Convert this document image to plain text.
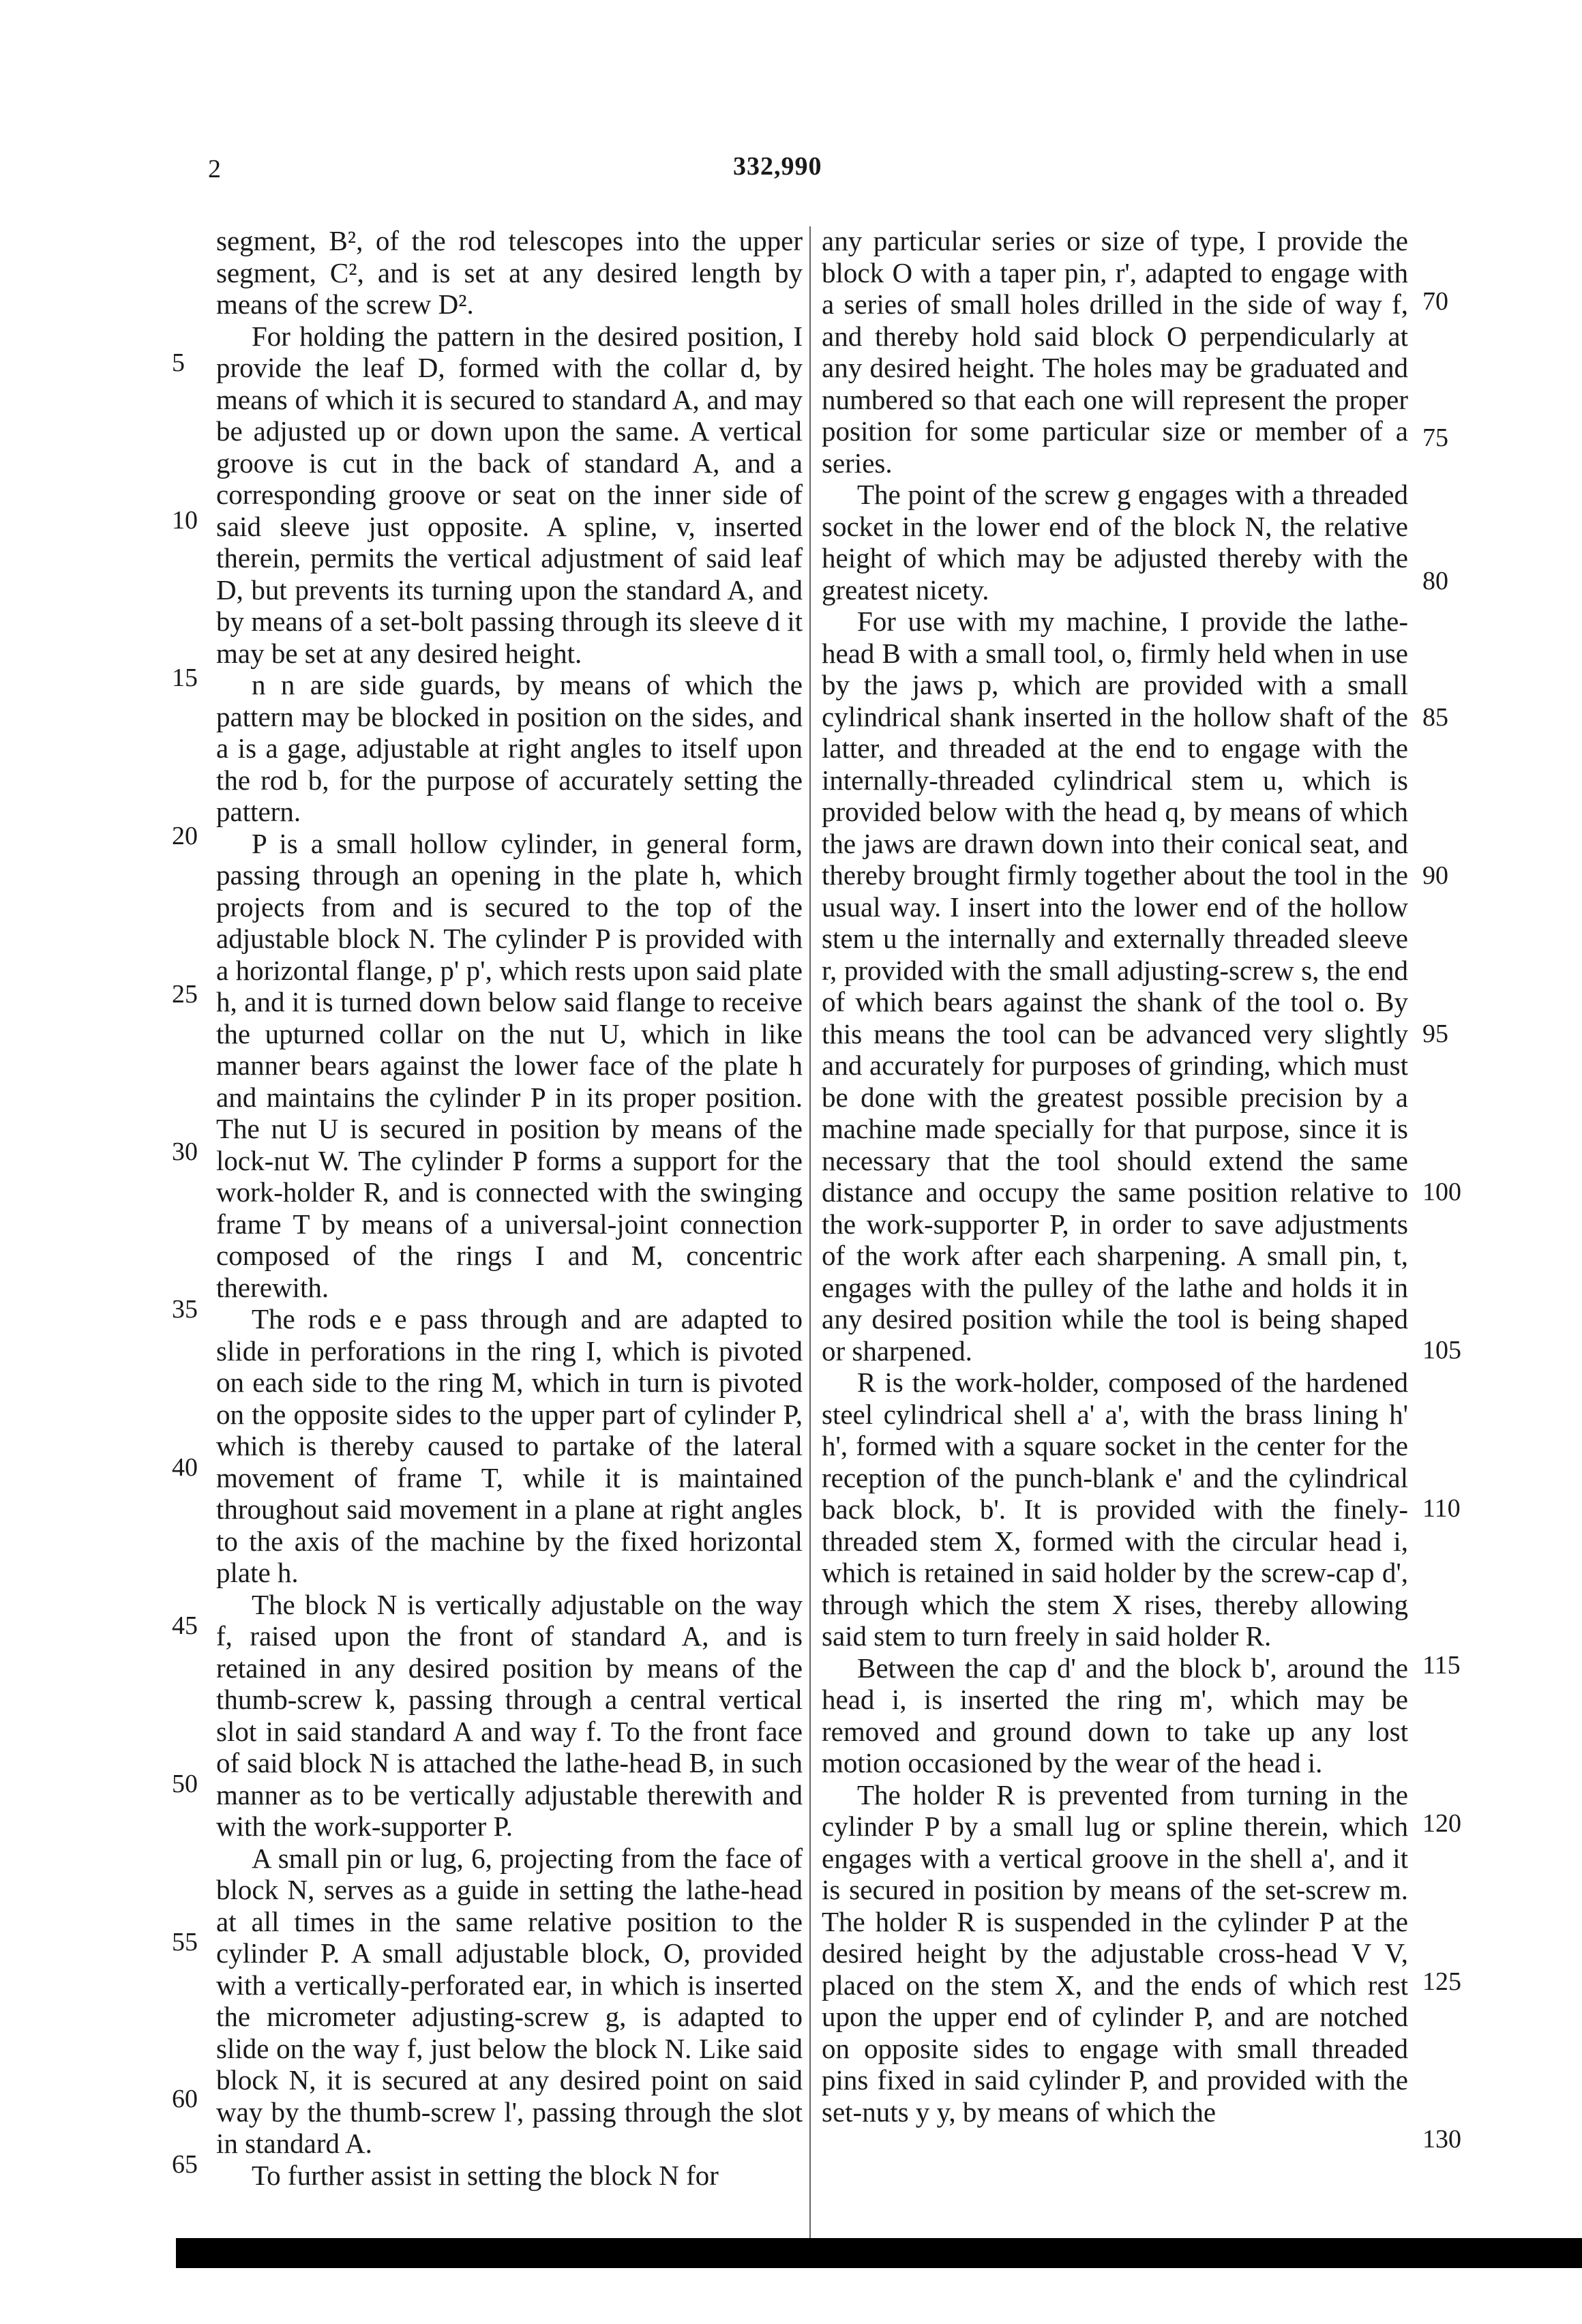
2	332,990

segment, B², of the rod telescopes into the upper segment, C², and is set at any desired length by means of the screw D².

For holding the pattern in the desired position, I provide the leaf D, formed with the collar d, by means of which it is secured to standard A, and may be adjusted up or down upon the same. A vertical groove is cut in the back of standard A, and a corresponding groove or seat on the inner side of said sleeve just opposite. A spline, v, inserted therein, permits the vertical adjustment of said leaf D, but prevents its turning upon the standard A, and by means of a set-bolt passing through its sleeve d it may be set at any desired height.

n n are side guards, by means of which the pattern may be blocked in position on the sides, and a is a gage, adjustable at right angles to itself upon the rod b, for the purpose of accurately setting the pattern.

P is a small hollow cylinder, in general form, passing through an opening in the plate h, which projects from and is secured to the top of the adjustable block N. The cylinder P is provided with a horizontal flange, p' p', which rests upon said plate h, and it is turned down below said flange to receive the upturned collar on the nut U, which in like manner bears against the lower face of the plate h and maintains the cylinder P in its proper position. The nut U is secured in position by means of the lock-nut W. The cylinder P forms a support for the work-holder R, and is connected with the swinging frame T by means of a universal-joint connection composed of the rings I and M, concentric therewith.

The rods e e pass through and are adapted to slide in perforations in the ring I, which is pivoted on each side to the ring M, which in turn is pivoted on the opposite sides to the upper part of cylinder P, which is thereby caused to partake of the lateral movement of frame T, while it is maintained throughout said movement in a plane at right angles to the axis of the machine by the fixed horizontal plate h.

The block N is vertically adjustable on the way f, raised upon the front of standard A, and is retained in any desired position by means of the thumb-screw k, passing through a central vertical slot in said standard A and way f. To the front face of said block N is attached the lathe-head B, in such manner as to be vertically adjustable therewith and with the work-supporter P.

A small pin or lug, 6, projecting from the face of block N, serves as a guide in setting the lathe-head at all times in the same relative position to the cylinder P. A small adjustable block, O, provided with a vertically-perforated ear, in which is inserted the micrometer adjusting-screw g, is adapted to slide on the way f, just below the block N. Like said block N, it is secured at any desired point on said way by the thumb-screw l', passing through the slot in standard A.

To further assist in setting the block N for

any particular series or size of type, I provide the block O with a taper pin, r', adapted to engage with a series of small holes drilled in the side of way f, and thereby hold said block O perpendicularly at any desired height. The holes may be graduated and numbered so that each one will represent the proper position for some particular size or member of a series.

The point of the screw g engages with a threaded socket in the lower end of the block N, the relative height of which may be adjusted thereby with the greatest nicety.

For use with my machine, I provide the lathe-head B with a small tool, o, firmly held when in use by the jaws p, which are provided with a small cylindrical shank inserted in the hollow shaft of the latter, and threaded at the end to engage with the internally-threaded cylindrical stem u, which is provided below with the head q, by means of which the jaws are drawn down into their conical seat, and thereby brought firmly together about the tool in the usual way. I insert into the lower end of the hollow stem u the internally and externally threaded sleeve r, provided with the small adjusting-screw s, the end of which bears against the shank of the tool o. By this means the tool can be advanced very slightly and accurately for purposes of grinding, which must be done with the greatest possible precision by a machine made specially for that purpose, since it is necessary that the tool should extend the same distance and occupy the same position relative to the work-supporter P, in order to save adjustments of the work after each sharpening. A small pin, t, engages with the pulley of the lathe and holds it in any desired position while the tool is being shaped or sharpened.

R is the work-holder, composed of the hardened steel cylindrical shell a' a', with the brass lining h' h', formed with a square socket in the center for the reception of the punch-blank e' and the cylindrical back block, b'. It is provided with the finely-threaded stem X, formed with the circular head i, which is retained in said holder by the screw-cap d', through which the stem X rises, thereby allowing said stem to turn freely in said holder R.

Between the cap d' and the block b', around the head i, is inserted the ring m', which may be removed and ground down to take up any lost motion occasioned by the wear of the head i.

The holder R is prevented from turning in the cylinder P by a small lug or spline therein, which engages with a vertical groove in the shell a', and it is secured in position by means of the set-screw m. The holder R is suspended in the cylinder P at the desired height by the adjustable cross-head V V, placed on the stem X, and the ends of which rest upon the upper end of cylinder P, and are notched on opposite sides to engage with small threaded pins fixed in said cylinder P, and provided with the set-nuts y y, by means of which the

5
10
15
20
25
30
35
40
45
50
55
60
65
70
75
80
85
90
95
100
105
110
115
120
125
130
